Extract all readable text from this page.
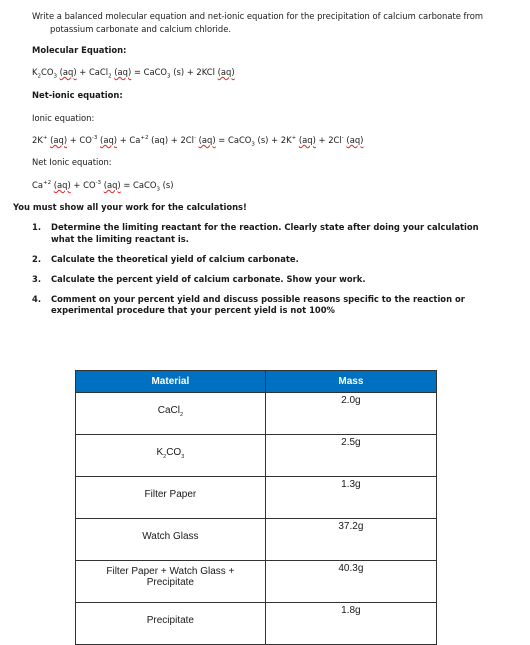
Write a balanced molecular equation and net-ionic equation for the precipitation of calcium carbonate from
potassium carbonate and calcium chloride.
Molecular Equation:
$K_2CO_3$ (aq) + CaCl$_2$ (aq) = CaCO$_3$ (s) + 2KCl (aq)
Net-ionic equation:
Ionic equation:
2K+ $(aq) + CO^{-3}$ $(aq) + Ca^{+2}$ (aq) + 2Cl- (aq) = CaCO$_3$ (s) + 2K+ (aq) + 2Cl- (aq)
Net Ionic equation:
$Ca^{+2}$ $(aq) + CO^{-3}$ (aq) = CaCO$_3$ (s)
You must show all your work for the calculations!
1. Determine the limiting reactant for the reaction. Clearly state after doing your calculation what the limiting reactant is.
2. Calculate the theoretical yield of calcium carbonate.
3. Calculate the percent yield of calcium carbonate. Show your work.
4. Comment on your percent yield and discuss possible reasons specific to the reaction or experimental procedure that your percent yield is not 100%
Material	Mass

CaCl$_2$	2.0g

$K_2CO_3$	2.5g

Filter Paper	1.3g

Watch Glass	37.2g

Filter Paper + Watch Glass + Precipitate	40.3g

Precipitate	1.8g
